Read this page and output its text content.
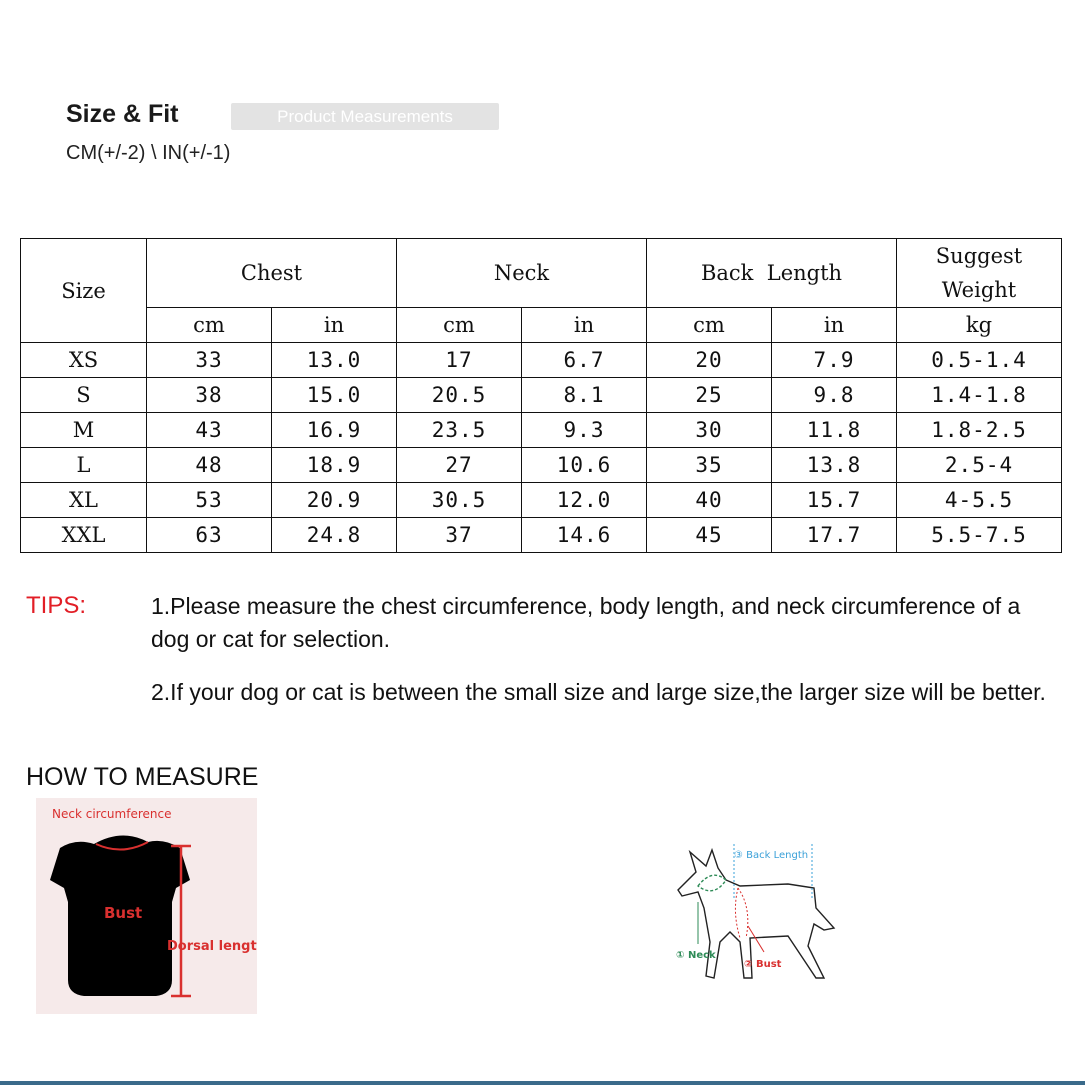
Size & Fit	Product Measurements
CM(+/-2) \ IN(+/-1)
Size	Chest		Neck		Back  Length		Suggest
Weight

	cm	in	cm	in	cm	in	kg
XS	33	13.0	17	6.7	20	7.9	0.5-1.4
S	38	15.0	20.5	8.1	25	9.8	1.4-1.8
M	43	16.9	23.5	9.3	30	11.8	1.8-2.5
L	48	18.9	27	10.6	35	13.8	2.5-4
XL	53	20.9	30.5	12.0	40	15.7	4-5.5
XXL	63	24.8	37	14.6	45	17.7	5.5-7.5
TIPS:	1.Please measure the chest circumference, body length, and neck circumference of a dog or cat for selection.
2.If your dog or cat is between the small size and large size,the larger size will be better.
HOW TO MEASURE
Neck circumference
Bust
Dorsal length
③ Back Length
① Neck
② Bust
